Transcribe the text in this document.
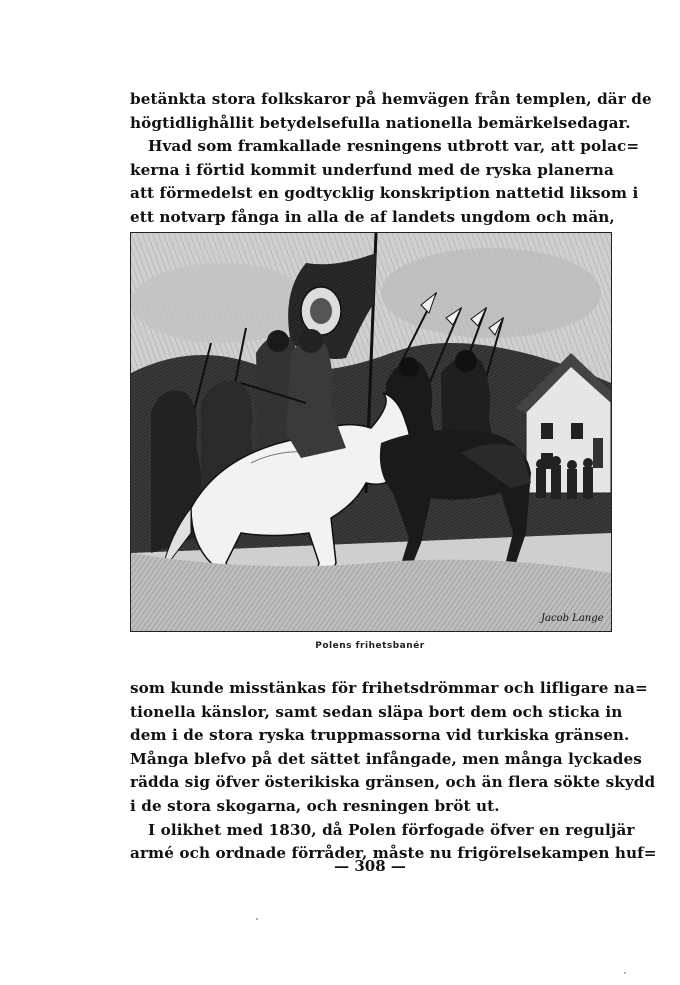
betänkta stora folkskaror på hemvägen från templen, där de
högtidlighållit betydelsefulla nationella bemärkelsedagar.
Hvad som framkallade resningens utbrott var, att polac=
kerna i förtid kommit underfund med de ryska planerna
att förmedelst en godtycklig konskription nattetid liksom i
ett notvarp fånga in alla de af landets ungdom och män,
Jacob Lange
Polens frihetsbanér
som kunde misstänkas för frihetsdrömmar och lifligare na=
tionella känslor, samt sedan släpa bort dem och sticka in
dem i de stora ryska truppmassorna vid turkiska gränsen.
Många blefvo på det sättet infångade, men många lyckades
rädda sig öfver österikiska gränsen, och än flera sökte skydd
i de stora skogarna, och resningen bröt ut.
I olikhet med 1830, då Polen förfogade öfver en reguljär
armé och ordnade förråder, måste nu frigörelsekampen huf=
— 308 —
